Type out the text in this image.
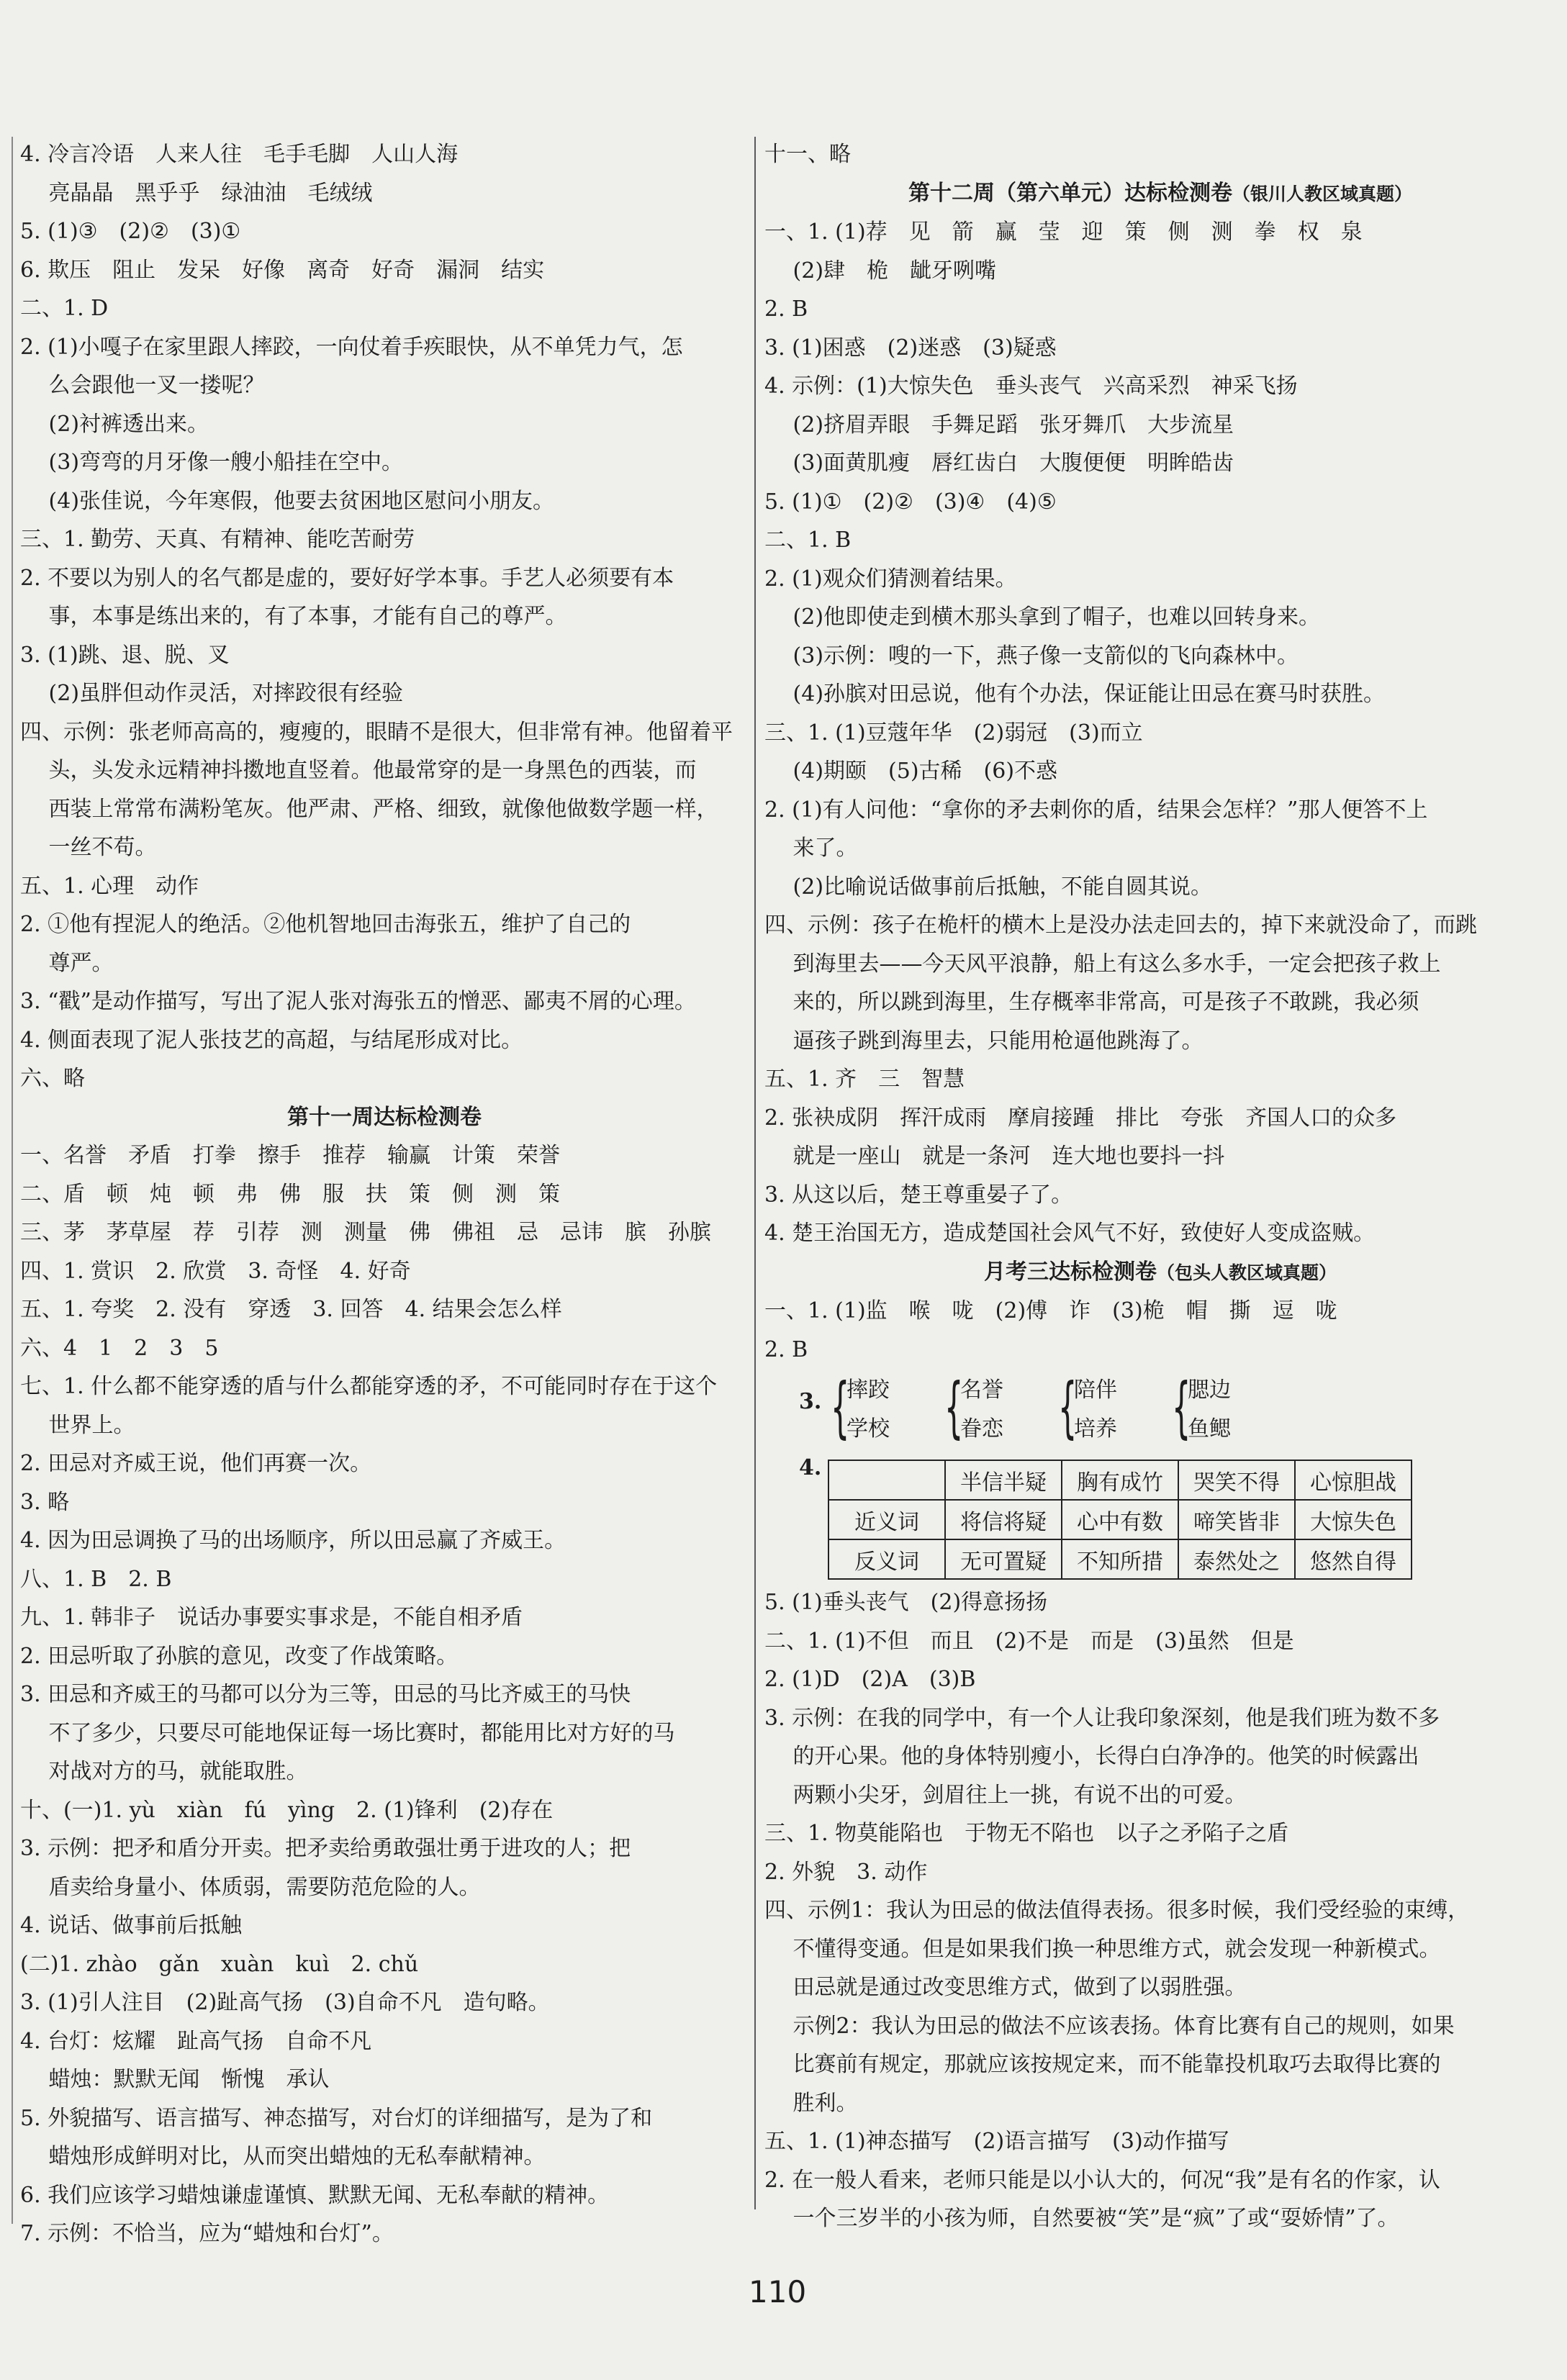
4. 冷言冷语　人来人往　毛手毛脚　人山人海
　 亮晶晶　黑乎乎　绿油油　毛绒绒
5. (1)③　(2)②　(3)①
6. 欺压　阻止　发呆　好像　离奇　好奇　漏洞　结实
二、1. D
2. (1)小嘎子在家里跟人摔跤，一向仗着手疾眼快，从不单凭力气，怎
　 么会跟他一叉一搂呢？
　 (2)衬裤透出来。
　 (3)弯弯的月牙像一艘小船挂在空中。
　 (4)张佳说，今年寒假，他要去贫困地区慰问小朋友。
三、1. 勤劳、天真、有精神、能吃苦耐劳
2. 不要以为别人的名气都是虚的，要好好学本事。手艺人必须要有本
　 事，本事是练出来的，有了本事，才能有自己的尊严。
3. (1)跳、退、脱、叉
　 (2)虽胖但动作灵活，对摔跤很有经验
四、示例：张老师高高的，瘦瘦的，眼睛不是很大，但非常有神。他留着平
　 头，头发永远精神抖擞地直竖着。他最常穿的是一身黑色的西装，而
　 西装上常常布满粉笔灰。他严肃、严格、细致，就像他做数学题一样，
　 一丝不苟。
五、1. 心理　动作
2. ①他有捏泥人的绝活。②他机智地回击海张五，维护了自己的
　 尊严。
3. “戳”是动作描写，写出了泥人张对海张五的憎恶、鄙夷不屑的心理。
4. 侧面表现了泥人张技艺的高超，与结尾形成对比。
六、略
第十一周达标检测卷
一、名誉　矛盾　打拳　擦手　推荐　输赢　计策　荣誉
二、盾　顿　炖　顿　弗　佛　服　扶　策　侧　测　策
三、茅　茅草屋　荐　引荐　测　测量　佛　佛祖　忌　忌讳　膑　孙膑
四、1. 赏识　2. 欣赏　3. 奇怪　4. 好奇
五、1. 夸奖　2. 没有　穿透　3. 回答　4. 结果会怎么样
六、4　1　2　3　5
七、1. 什么都不能穿透的盾与什么都能穿透的矛，不可能同时存在于这个
　 世界上。
2. 田忌对齐威王说，他们再赛一次。
3. 略
4. 因为田忌调换了马的出场顺序，所以田忌赢了齐威王。
八、1. B　2. B
九、1. 韩非子　说话办事要实事求是，不能自相矛盾
2. 田忌听取了孙膑的意见，改变了作战策略。
3. 田忌和齐威王的马都可以分为三等，田忌的马比齐威王的马快
　 不了多少，只要尽可能地保证每一场比赛时，都能用比对方好的马
　 对战对方的马，就能取胜。
十、(一)1. yù　xiàn　fú　yìng　2. (1)锋利　(2)存在
3. 示例：把矛和盾分开卖。把矛卖给勇敢强壮勇于进攻的人；把
　 盾卖给身量小、体质弱，需要防范危险的人。
4. 说话、做事前后抵触
(二)1. zhào　gǎn　xuàn　kuì　2. chǔ
3. (1)引人注目　(2)趾高气扬　(3)自命不凡　造句略。
4. 台灯：炫耀　趾高气扬　自命不凡
　 蜡烛：默默无闻　惭愧　承认
5. 外貌描写、语言描写、神态描写，对台灯的详细描写，是为了和
　 蜡烛形成鲜明对比，从而突出蜡烛的无私奉献精神。
6. 我们应该学习蜡烛谦虚谨慎、默默无闻、无私奉献的精神。
7. 示例：不恰当，应为“蜡烛和台灯”。
十一、略
第十二周（第六单元）达标检测卷（银川人教区域真题）
一、1. (1)荐　见　箭　赢　莹　迎　策　侧　测　拳　权　泉
　 (2)肆　桅　龇牙咧嘴
2. B
3. (1)困惑　(2)迷惑　(3)疑惑
4. 示例：(1)大惊失色　垂头丧气　兴高采烈　神采飞扬
　 (2)挤眉弄眼　手舞足蹈　张牙舞爪　大步流星
　 (3)面黄肌瘦　唇红齿白　大腹便便　明眸皓齿
5. (1)①　(2)②　(3)④　(4)⑤
二、1. B
2. (1)观众们猜测着结果。
　 (2)他即使走到横木那头拿到了帽子，也难以回转身来。
　 (3)示例：嗖的一下，燕子像一支箭似的飞向森林中。
　 (4)孙膑对田忌说，他有个办法，保证能让田忌在赛马时获胜。
三、1. (1)豆蔻年华　(2)弱冠　(3)而立
　 (4)期颐　(5)古稀　(6)不惑
2. (1)有人问他：“拿你的矛去刺你的盾，结果会怎样？”那人便答不上
　 来了。
　 (2)比喻说话做事前后抵触，不能自圆其说。
四、示例：孩子在桅杆的横木上是没办法走回去的，掉下来就没命了，而跳
　 到海里去——今天风平浪静，船上有这么多水手，一定会把孩子救上
　 来的，所以跳到海里，生存概率非常高，可是孩子不敢跳，我必须
　 逼孩子跳到海里去，只能用枪逼他跳海了。
五、1. 齐　三　智慧
2. 张袂成阴　挥汗成雨　摩肩接踵　排比　夸张　齐国人口的众多
　 就是一座山　就是一条河　连大地也要抖一抖
3. 从这以后，楚王尊重晏子了。
4. 楚王治国无方，造成楚国社会风气不好，致使好人变成盗贼。
月考三达标检测卷（包头人教区域真题）
一、1. (1)监　喉　咙　(2)傅　诈　(3)桅　帽　撕　逗　咙
2. B
3. {
摔跤
学校 {
名誉
眷恋 {
陪伴
培养 {
腮边
鱼鳃
4.
	半信半疑	胸有成竹	哭笑不得	心惊胆战
近义词	将信将疑	心中有数	啼笑皆非	大惊失色
反义词	无可置疑	不知所措	泰然处之	悠然自得
5. (1)垂头丧气　(2)得意扬扬
二、1. (1)不但　而且　(2)不是　而是　(3)虽然　但是
2. (1)D　(2)A　(3)B
3. 示例：在我的同学中，有一个人让我印象深刻，他是我们班为数不多
　 的开心果。他的身体特别瘦小，长得白白净净的。他笑的时候露出
　 两颗小尖牙，剑眉往上一挑，有说不出的可爱。
三、1. 物莫能陷也　于物无不陷也　以子之矛陷子之盾
2. 外貌　3. 动作
四、示例1：我认为田忌的做法值得表扬。很多时候，我们受经验的束缚，
　 不懂得变通。但是如果我们换一种思维方式，就会发现一种新模式。
　 田忌就是通过改变思维方式，做到了以弱胜强。
　 示例2：我认为田忌的做法不应该表扬。体育比赛有自己的规则，如果
　 比赛前有规定，那就应该按规定来，而不能靠投机取巧去取得比赛的
　 胜利。
五、1. (1)神态描写　(2)语言描写　(3)动作描写
2. 在一般人看来，老师只能是以小认大的，何况“我”是有名的作家，认
　 一个三岁半的小孩为师，自然要被“笑”是“疯”了或“耍娇情”了。
110
